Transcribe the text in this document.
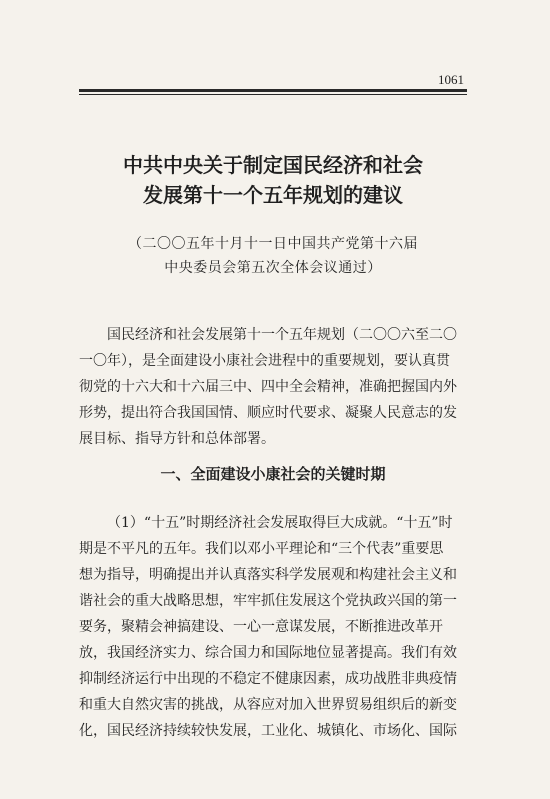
1061
中共中央关于制定国民经济和社会
发展第十一个五年规划的建议
（二〇〇五年十月十一日中国共产党第十六届
中央委员会第五次全体会议通过）
国民经济和社会发展第十一个五年规划（二〇〇六至二〇
一〇年），是全面建设小康社会进程中的重要规划，要认真贯
彻党的十六大和十六届三中、四中全会精神，准确把握国内外
形势，提出符合我国国情、顺应时代要求、凝聚人民意志的发
展目标、指导方针和总体部署。
一、全面建设小康社会的关键时期
（1）“十五”时期经济社会发展取得巨大成就。“十五”时
期是不平凡的五年。我们以邓小平理论和“三个代表”重要思
想为指导，明确提出并认真落实科学发展观和构建社会主义和
谐社会的重大战略思想，牢牢抓住发展这个党执政兴国的第一
要务，聚精会神搞建设、一心一意谋发展，不断推进改革开
放，我国经济实力、综合国力和国际地位显著提高。我们有效
抑制经济运行中出现的不稳定不健康因素，成功战胜非典疫情
和重大自然灾害的挑战，从容应对加入世界贸易组织后的新变
化，国民经济持续较快发展，工业化、城镇化、市场化、国际
